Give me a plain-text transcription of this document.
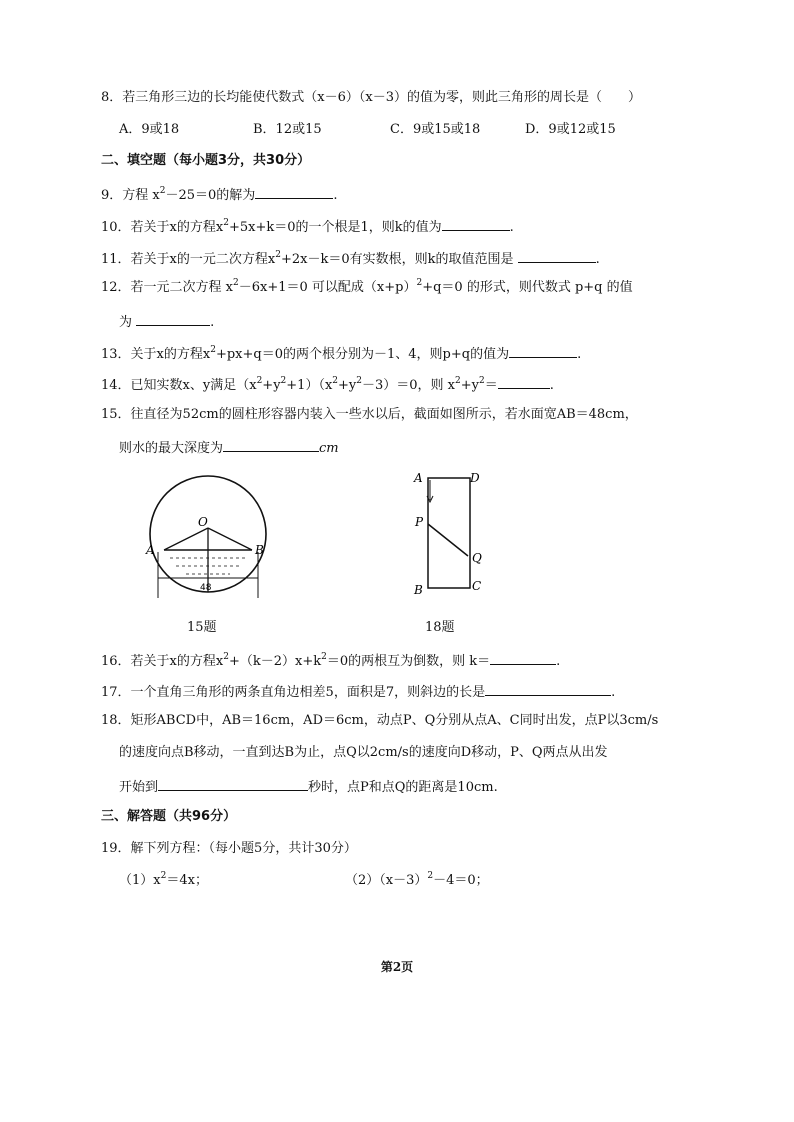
8．若三角形三边的长均能使代数式（x－6）（x－3）的值为零，则此三角形的周长是（　　）
A．9或18	B．12或15	C．9或15或18	D．9或12或15
二、填空题（每小题3分，共30分）
9．方程 $x^2-25=0$的解为	.
10．若关于x的方程$x^2+5x+k=0$的一个根是1，则k的值为	.
11．若关于x的一元二次方程$x^2+2x-k=0$有实数根，则k的取值范围是	.
12．若一元二次方程 $x^2-6x+1=0$ 可以配成$(x+p)^2+q=0$ 的形式，则代数式 p+q 的值
为	.
13．关于x的方程$x^2+px+q=0$的两个根分别为－1、4，则p+q的值为	.
14．已知实数x、y满足$(x^2+y^2+1)(x^2+y^2-3)=0$，则 $x^2+y^2=$	.
15．往直径为52cm的圆柱形容器内装入一些水以后，截面如图所示，若水面宽AB＝48cm，
则水的最大深度为	cm
O
A	B
48
15题
A	D
P
Q
B	C
18题
16．若关于x的方程$x^2+(k-2)x+k^2=0$的两根互为倒数，则 k＝	.
17．一个直角三角形的两条直角边相差5，面积是7，则斜边的长是	.
18．矩形ABCD中，AB＝16cm，AD＝6cm，动点P、Q分别从点A、C同时出发，点P以3cm/s
的速度向点B移动，一直到达B为止，点Q以2cm/s的速度向D移动，P、Q两点从出发
开始到	秒时，点P和点Q的距离是10cm.
三、解答题（共96分）
19．解下列方程：（每小题5分，共计30分）
$(1)x^2=4x$；	$(2)(x-3)^2-4=0$；
第2页
